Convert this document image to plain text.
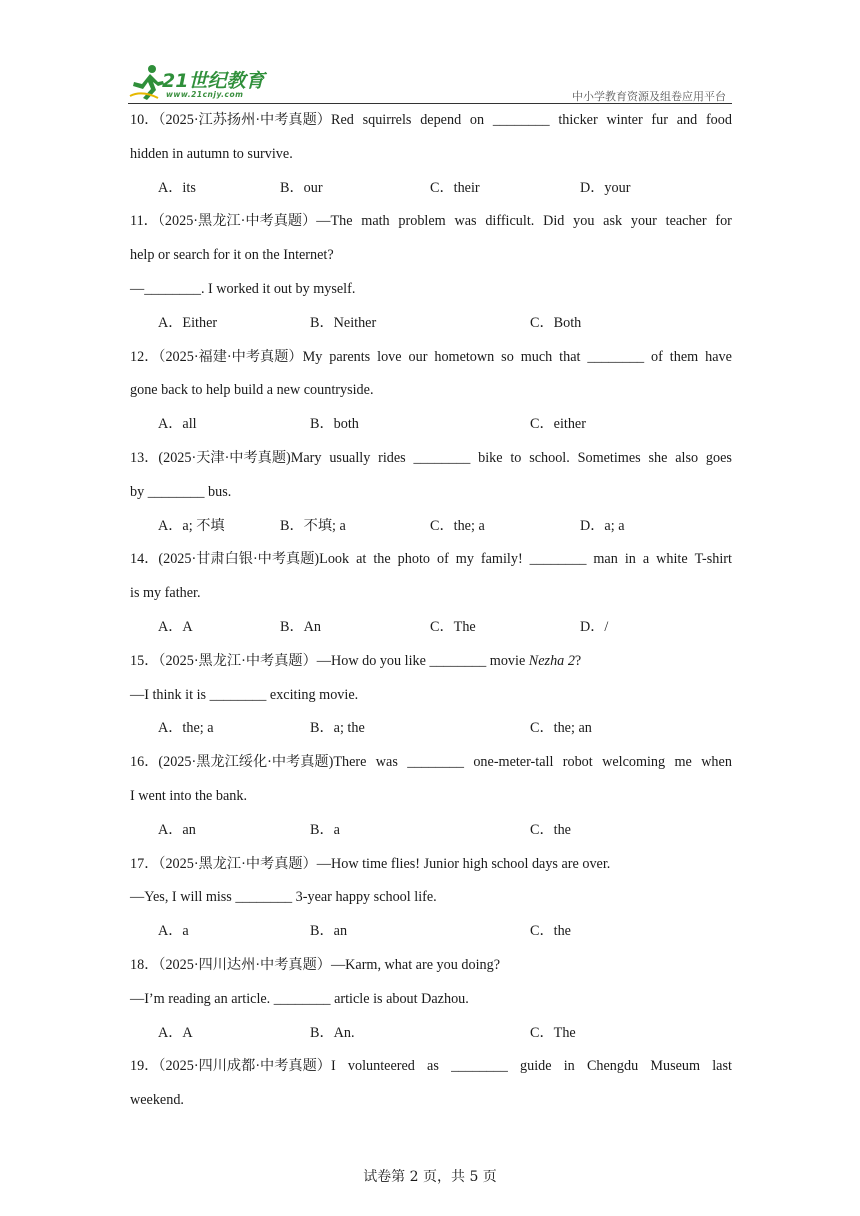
21世纪教育
www.21cnjy.com	中小学教育资源及组卷应用平台
10．（2025·江苏扬州·中考真题）Red squirrels depend on ________ thicker winter fur and food
hidden in autumn to survive.
A．its	B．our	C．their	D．your
11．（2025·黑龙江·中考真题）—The math problem was difficult. Did you ask your teacher for
help or search for it on the Internet?
—________. I worked it out by myself.
A．Either	B．Neither	C．Both
12．（2025·福建·中考真题）My parents love our hometown so much that ________ of them have
gone back to help build a new countryside.
A．all	B．both	C．either
13．(2025·天津·中考真题)Mary usually rides ________ bike to school. Sometimes she also goes
by ________ bus.
A．a; 不填	B．不填; a	C．the; a	D．a; a
14．(2025·甘肃白银·中考真题)Look at the photo of my family! ________ man in a white T-shirt
is my father.
A．A	B．An	C．The	D．/
15．（2025·黑龙江·中考真题）—How do you like ________ movie Nezha 2?
—I think it is ________ exciting movie.
A．the; a	B．a; the	C．the; an
16．(2025·黑龙江绥化·中考真题)There was ________ one-meter-tall robot welcoming me when
I went into the bank.
A．an	B．a	C．the
17．（2025·黑龙江·中考真题）—How time flies! Junior high school days are over.
—Yes, I will miss ________ 3-year happy school life.
A．a	B．an	C．the
18．（2025·四川达州·中考真题）—Karm, what are you doing?
—I’m reading an article. ________ article is about Dazhou.
A．A	B．An.	C．The
19．（2025·四川成都·中考真题）I volunteered as ________ guide in Chengdu Museum last
weekend.
试卷第 2 页，共 5 页
